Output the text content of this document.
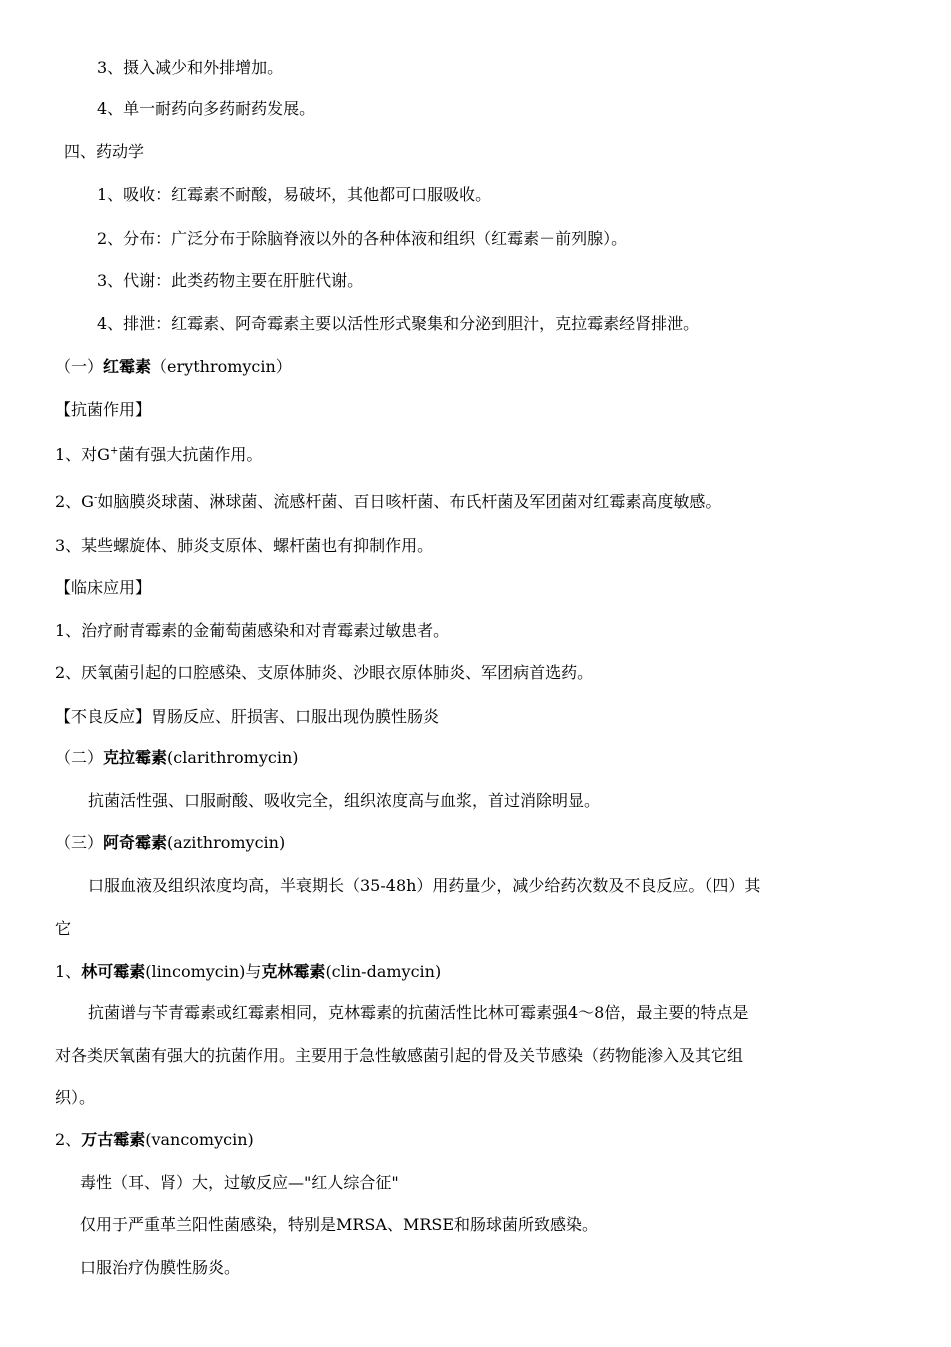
3、摄入减少和外排增加。
4、单一耐药向多药耐药发展。
四、药动学
1、吸收：红霉素不耐酸，易破坏，其他都可口服吸收。
2、分布：广泛分布于除脑脊液以外的各种体液和组织（红霉素－前列腺）。
3、代谢：此类药物主要在肝脏代谢。
4、排泄：红霉素、阿奇霉素主要以活性形式聚集和分泌到胆汁，克拉霉素经肾排泄。
（一）红霉素（erythromycin）
【抗菌作用】
1、对G+菌有强大抗菌作用。
2、G-如脑膜炎球菌、淋球菌、流感杆菌、百日咳杆菌、布氏杆菌及军团菌对红霉素高度敏感。
3、某些螺旋体、肺炎支原体、螺杆菌也有抑制作用。
【临床应用】
1、治疗耐青霉素的金葡萄菌感染和对青霉素过敏患者。
2、厌氧菌引起的口腔感染、支原体肺炎、沙眼衣原体肺炎、军团病首选药。
【不良反应】胃肠反应、肝损害、口服出现伪膜性肠炎
（二）克拉霉素(clarithromycin)
抗菌活性强、口服耐酸、吸收完全，组织浓度高与血浆，首过消除明显。
（三）阿奇霉素(azithromycin)
口服血液及组织浓度均高，半衰期长（35-48h）用药量少，减少给药次数及不良反应。（四）其
它
1、林可霉素(lincomycin)与克林霉素(clin-damycin)
抗菌谱与苄青霉素或红霉素相同，克林霉素的抗菌活性比林可霉素强4～8倍，最主要的特点是
对各类厌氧菌有强大的抗菌作用。主要用于急性敏感菌引起的骨及关节感染（药物能渗入及其它组
织）。
2、万古霉素(vancomycin)
毒性（耳、肾）大，过敏反应—"红人综合征"
仅用于严重革兰阳性菌感染，特别是MRSA、MRSE和肠球菌所致感染。
口服治疗伪膜性肠炎。
